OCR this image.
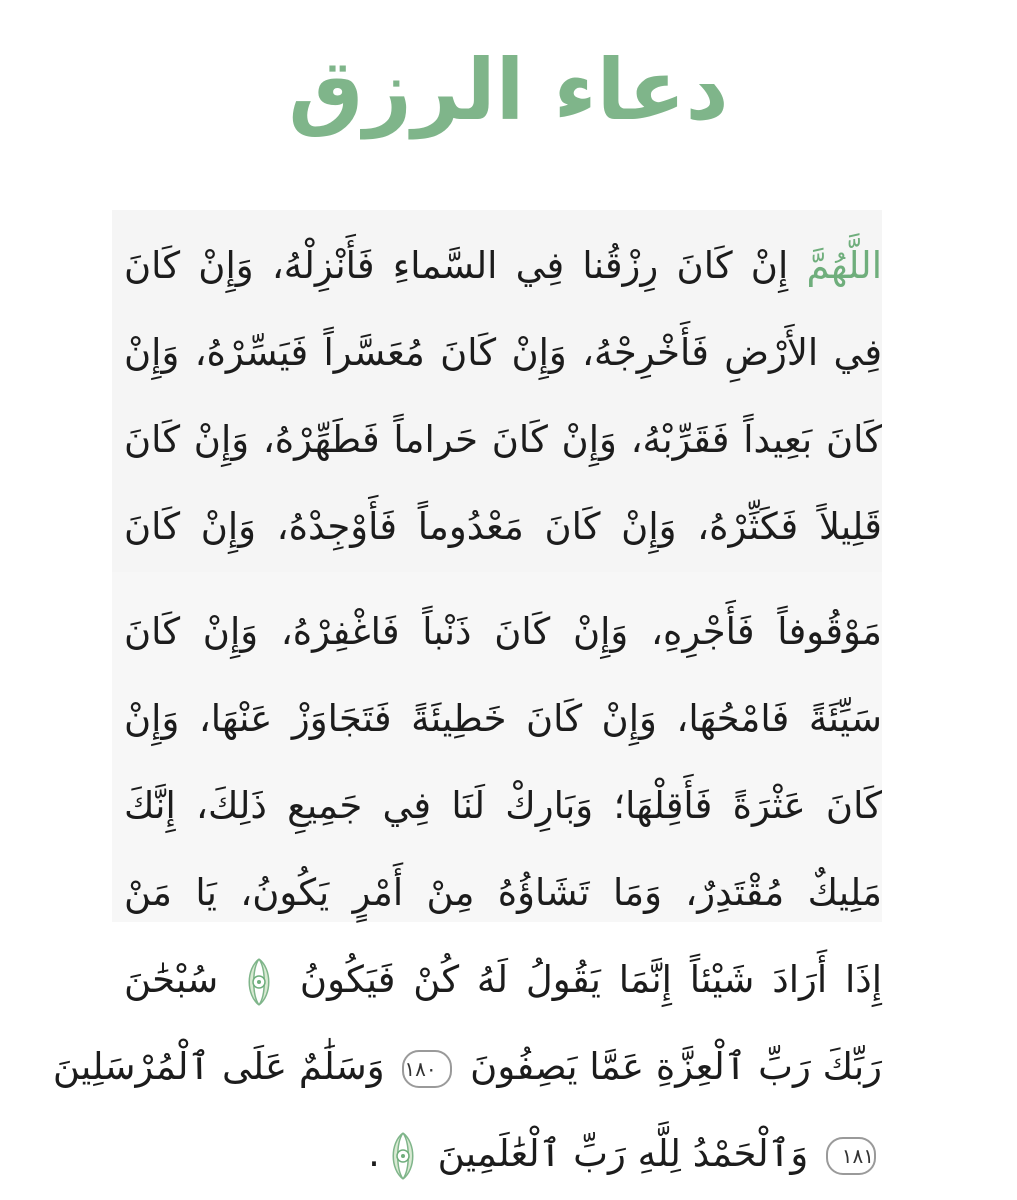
دعاء الرزق
اللَّهُمَّ إِنْ كَانَ رِزْقُنا فِي السَّماءِ فَأَنْزِلْهُ، وَإِنْ كَانَ
فِي الأَرْضِ فَأَخْرِجْهُ، وَإِنْ كَانَ مُعَسَّراً فَيَسِّرْهُ، وَإِنْ
كَانَ بَعِيداً فَقَرِّبْهُ، وَإِنْ كَانَ حَراماً فَطَهِّرْهُ، وَإِنْ كَانَ
قَلِيلاً فَكَثِّرْهُ، وَإِنْ كَانَ مَعْدُوماً فَأَوْجِدْهُ، وَإِنْ كَانَ
مَوْقُوفاً فَأَجْرِهِ، وَإِنْ كَانَ ذَنْباً فَاغْفِرْهُ، وَإِنْ كَانَ
سَيِّئَةً فَامْحُهَا، وَإِنْ كَانَ خَطِيئَةً فَتَجَاوَزْ عَنْهَا، وَإِنْ
كَانَ عَثْرَةً فَأَقِلْهَا؛ وَبَارِكْ لَنَا فِي جَمِيعِ ذَلِكَ، إِنَّكَ
مَلِيكٌ مُقْتَدِرٌ، وَمَا تَشَاؤُهُ مِنْ أَمْرٍ يَكُونُ، يَا مَنْ
إِذَا أَرَادَ شَيْئاً إِنَّمَا يَقُولُ لَهُ كُنْ فَيَكُونُ  سُبْحَٰنَ
رَبِّكَ رَبِّ ٱلْعِزَّةِ عَمَّا يَصِفُونَ ١٨٠ وَسَلَٰمٌ عَلَى ٱلْمُرْسَلِينَ
١٨١ وَٱلْحَمْدُ لِلَّهِ رَبِّ ٱلْعَٰلَمِينَ .
